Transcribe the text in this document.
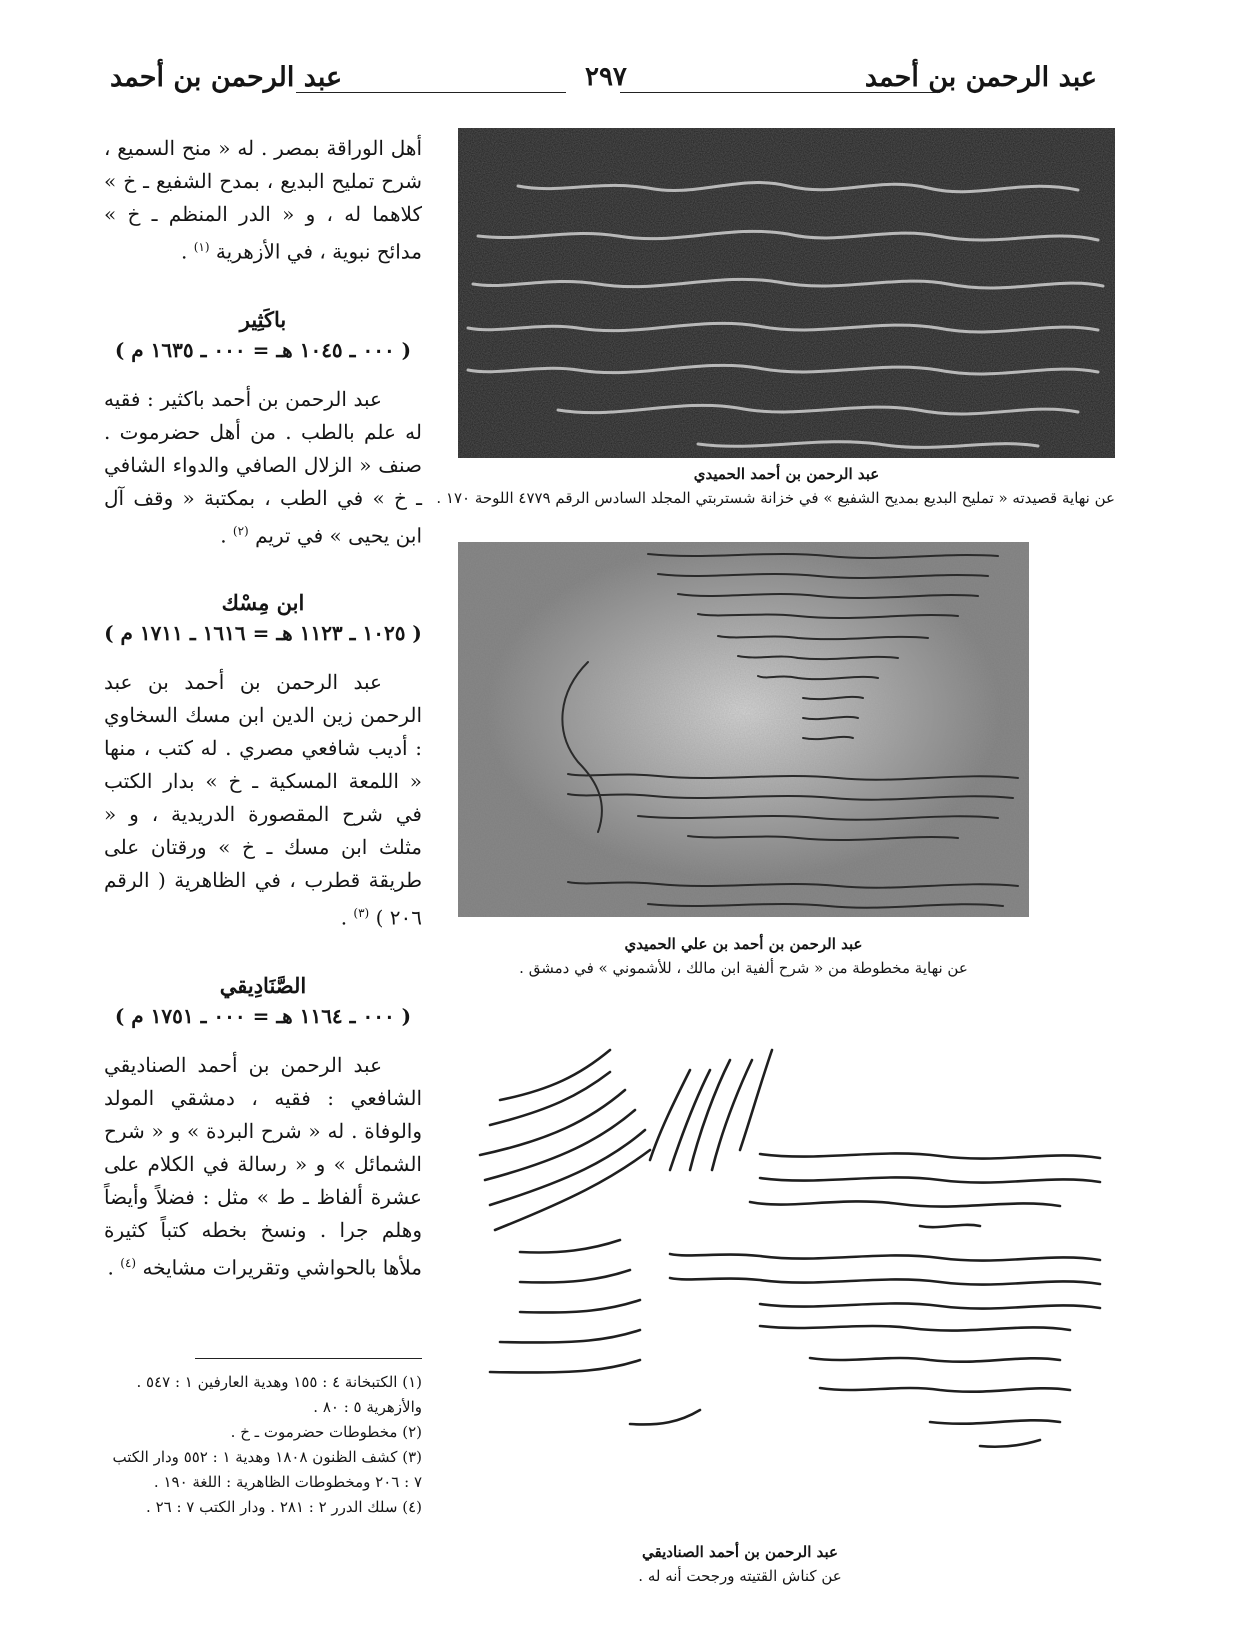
عبد الرحمن بن أحمد
٢٩٧
عبد الرحمن بن أحمد

أهل الوراقة بمصر . له « منح السميع ، شرح تمليح البديع ، بمدح الشفيع ـ خ » كلاهما له ، و « الدر المنظم ـ خ » مدائح نبوية ، في الأزهرية $^{(١)}$ .

باكَثِير
( ٠٠٠ ـ ١٠٤٥ هـ = ٠٠٠ ـ ١٦٣٥ م )

عبد الرحمن بن أحمد باكثير : فقيه له علم بالطب . من أهل حضرموت . صنف « الزلال الصافي والدواء الشافي ـ خ » في الطب ، بمكتبة « وقف آل ابن يحيى » في تريم $^{(٢)}$ .

ابن مِسْك
( ١٠٢٥ ـ ١١٢٣ هـ = ١٦١٦ ـ ١٧١١ م )

عبد الرحمن بن أحمد بن عبد الرحمن زين الدين ابن مسك السخاوي : أديب شافعي مصري . له كتب ، منها « اللمعة المسكية ـ خ » بدار الكتب في شرح المقصورة الدريدية ، و « مثلث ابن مسك ـ خ » ورقتان على طريقة قطرب ، في الظاهرية ( الرقم ٢٠٦ ) $^{(٣)}$ .

الصَّنَادِيقي
( ٠٠٠ ـ ١١٦٤ هـ = ٠٠٠ ـ ١٧٥١ م )

عبد الرحمن بن أحمد الصناديقي الشافعي : فقيه ، دمشقي المولد والوفاة . له « شرح البردة » و « شرح الشمائل » و « رسالة في الكلام على عشرة ألفاظ ـ ط » مثل : فضلاً وأيضاً وهلم جرا . ونسخ بخطه كتباً كثيرة ملأها بالحواشي وتقريرات مشايخه $^{(٤)}$ .

(١) الكتبخانة ٤ : ١٥٥ وهدية العارفين ١ : ٥٤٧ . والأزهرية ٥ : ٨٠ .
(٢) مخطوطات حضرموت ـ خ .
(٣) كشف الظنون ١٨٠٨ وهدية ١ : ٥٥٢ ودار الكتب ٧ : ٢٠٦ ومخطوطات الظاهرية : اللغة ١٩٠ .
(٤) سلك الدرر ٢ : ٢٨١ . ودار الكتب ٧ : ٢٦ .
عبد الرحمن بن أحمد الحميدي
عن نهاية قصيدته « تمليح البديع بمديح الشفيع » في خزانة شستربتي المجلد السادس الرقم ٤٧٧٩ اللوحة ١٧٠ .
عبد الرحمن بن أحمد بن علي الحميدي
عن نهاية مخطوطة من « شرح ألفية ابن مالك ، للأشموني » في دمشق .
عبد الرحمن بن أحمد الصناديقي
عن كناش القتيته ورجحت أنه له .
